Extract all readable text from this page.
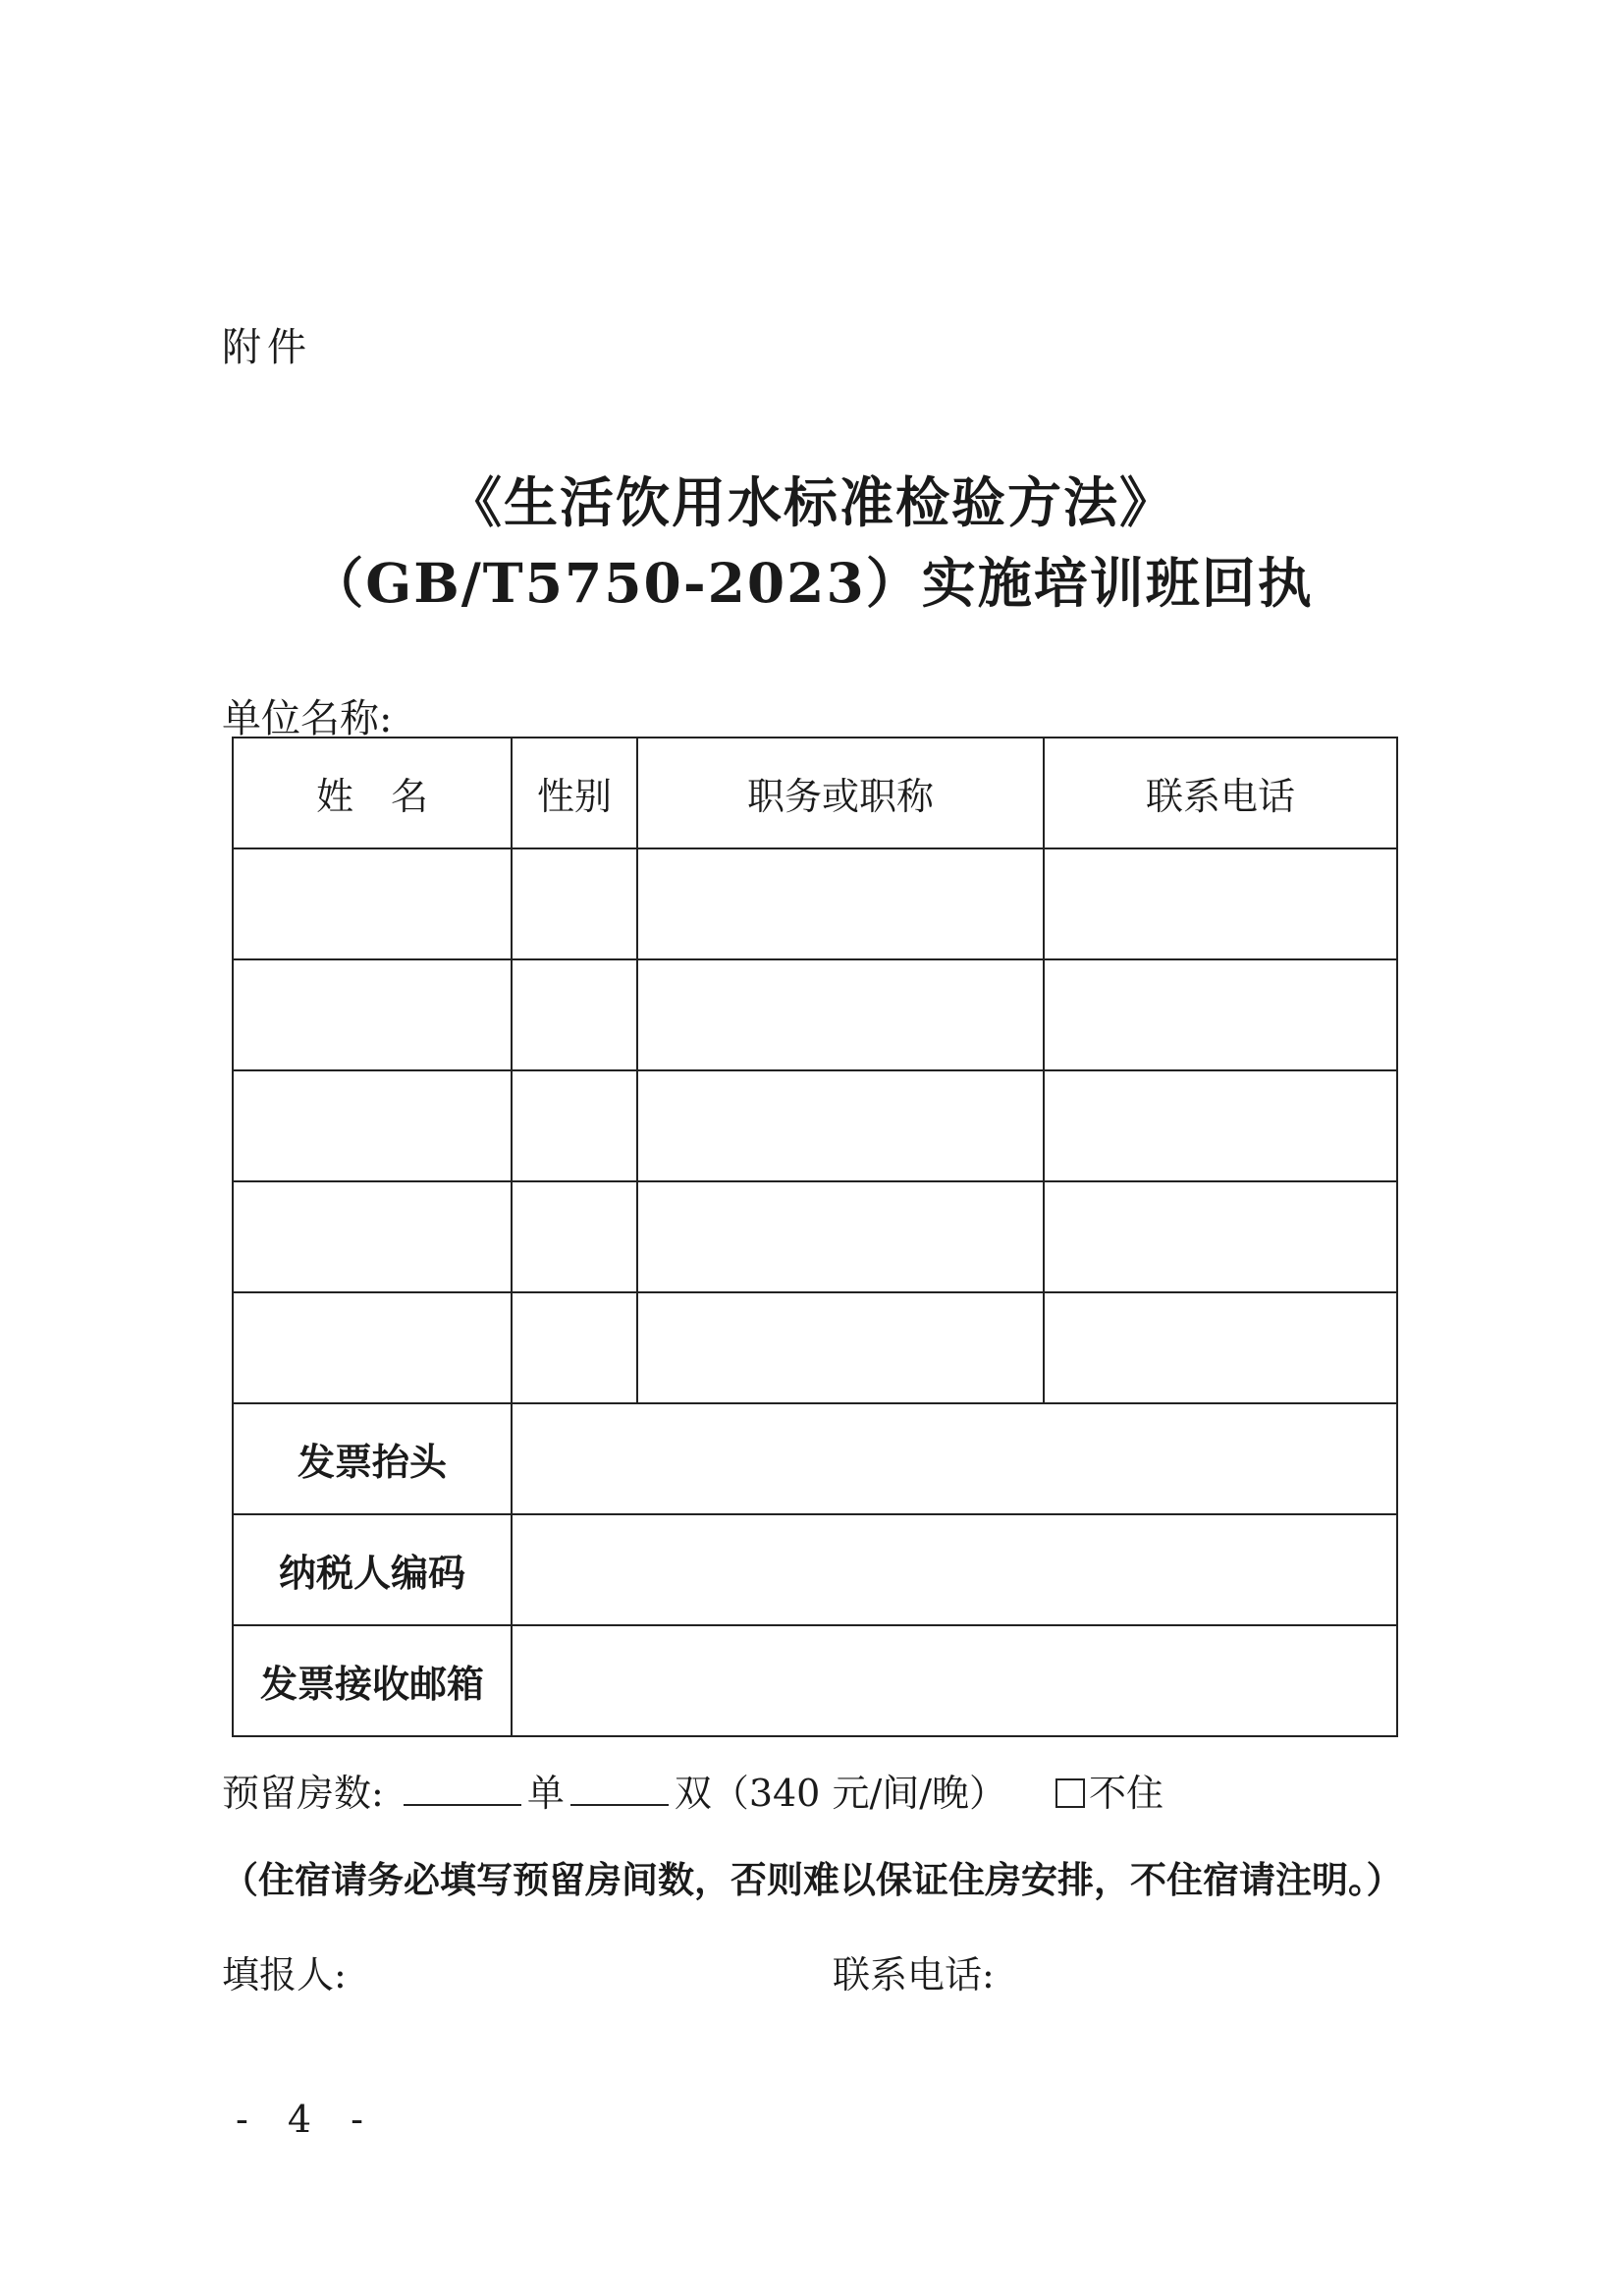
附件
《生活饮用水标准检验方法》
（GB/T5750-2023）实施培训班回执
单位名称:
姓　名	性别	职务或职称	联系电话

发票抬头			
纳税人编码			
发票接收邮箱			
预留房数:	单	双（340 元/间/晚） 不住
（住宿请务必填写预留房间数，否则难以保证住房安排，不住宿请注明。）
填报人:	联系电话:
- 4 -
